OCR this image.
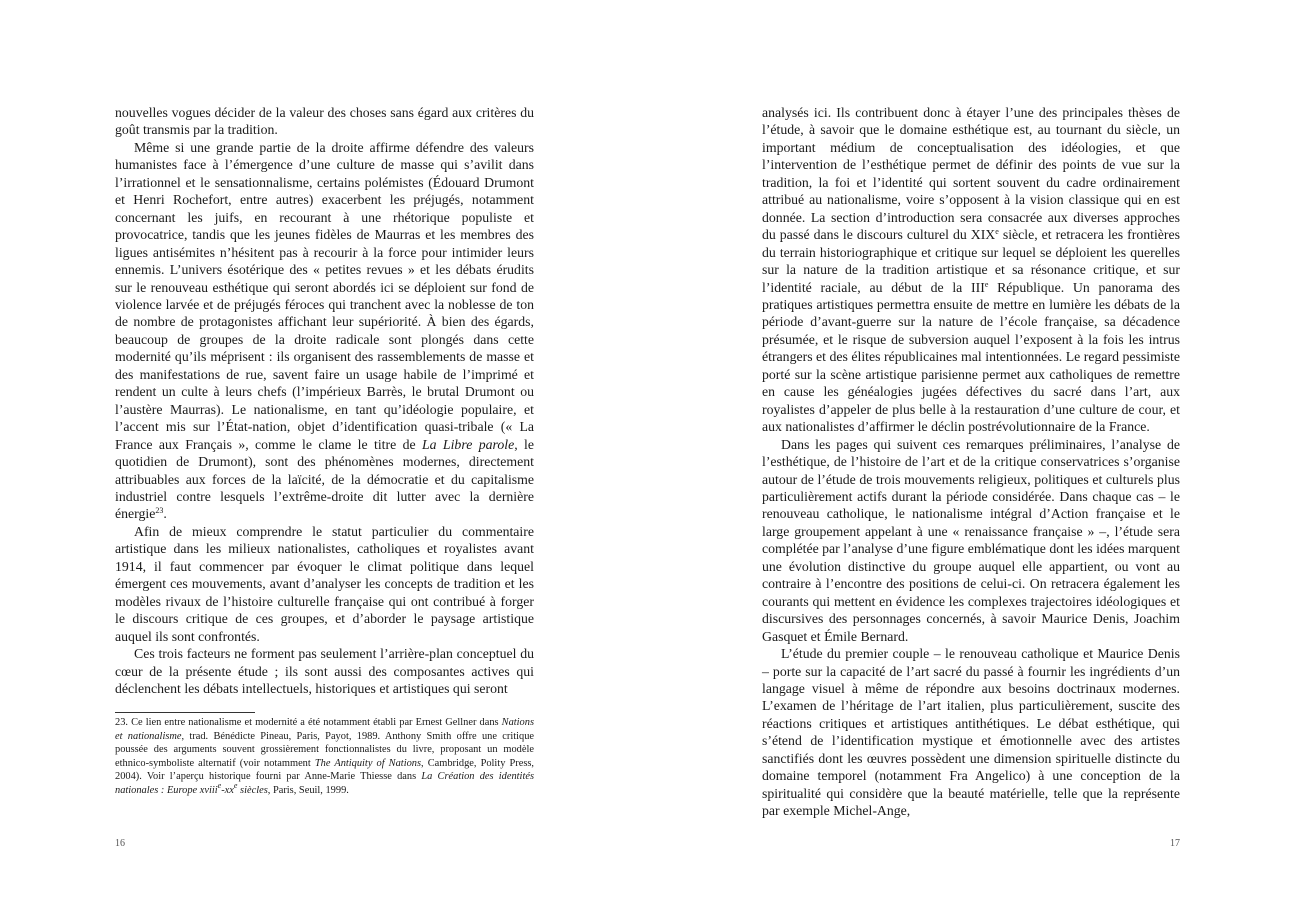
nouvelles vogues décider de la valeur des choses sans égard aux critères du goût transmis par la tradition.

Même si une grande partie de la droite affirme défendre des valeurs humanistes face à l’émergence d’une culture de masse qui s’avilit dans l’irrationnel et le sensationnalisme, certains polémistes (Édouard Drumont et Henri Rochefort, entre autres) exacerbent les préjugés, notamment concernant les juifs, en recourant à une rhétorique populiste et provocatrice, tandis que les jeunes fidèles de Maurras et les membres des ligues antisémites n’hésitent pas à recourir à la force pour intimider leurs ennemis. L’univers ésotérique des « petites revues » et les débats érudits sur le renouveau esthétique qui seront abordés ici se déploient sur fond de violence larvée et de préjugés féroces qui tranchent avec la noblesse de ton de nombre de protagonistes affichant leur supériorité. À bien des égards, beaucoup de groupes de la droite radicale sont plongés dans cette modernité qu’ils méprisent : ils organisent des rassemblements de masse et des manifestations de rue, savent faire un usage habile de l’imprimé et rendent un culte à leurs chefs (l’impérieux Barrès, le brutal Drumont ou l’austère Maurras). Le nationalisme, en tant qu’idéologie populaire, et l’accent mis sur l’État-nation, objet d’identification quasi-tribale (« La France aux Français », comme le clame le titre de La Libre parole, le quotidien de Drumont), sont des phénomènes modernes, directement attribuables aux forces de la laïcité, de la démocratie et du capitalisme industriel contre lesquels l’extrême-droite dit lutter avec la dernière énergie$^{23}$.

Afin de mieux comprendre le statut particulier du commentaire artistique dans les milieux nationalistes, catholiques et royalistes avant 1914, il faut commencer par évoquer le climat politique dans lequel émergent ces mouvements, avant d’analyser les concepts de tradition et les modèles rivaux de l’histoire culturelle française qui ont contribué à forger le discours critique de ces groupes, et d’aborder le paysage artistique auquel ils sont confrontés.

Ces trois facteurs ne forment pas seulement l’arrière-plan conceptuel du cœur de la présente étude ; ils sont aussi des composantes actives qui déclenchent les débats intellectuels, historiques et artistiques qui seront

23. Ce lien entre nationalisme et modernité a été notamment établi par Ernest Gellner dans Nations et nationalisme, trad. Bénédicte Pineau, Paris, Payot, 1989. Anthony Smith offre une critique poussée des arguments souvent grossièrement fonctionnalistes du livre, proposant un modèle ethnico-symboliste alternatif (voir notamment The Antiquity of Nations, Cambridge, Polity Press, 2004). Voir l’aperçu historique fourni par Anne-Marie Thiesse dans La Création des identités nationales : Europe $xviii^e-xx^e$ siècles, Paris, Seuil, 1999.

16

analysés ici. Ils contribuent donc à étayer l’une des principales thèses de l’étude, à savoir que le domaine esthétique est, au tournant du siècle, un important médium de conceptualisation des idéologies, et que l’intervention de l’esthétique permet de définir des points de vue sur la tradition, la foi et l’identité qui sortent souvent du cadre ordinairement attribué au nationalisme, voire s’opposent à la vision classique qui en est donnée. La section d’introduction sera consacrée aux diverses approches du passé dans le discours culturel du XIXe siècle, et retracera les frontières du terrain historiographique et critique sur lequel se déploient les querelles sur la nature de la tradition artistique et sa résonance critique, et sur l’identité raciale, au début de la IIIe République. Un panorama des pratiques artistiques permettra ensuite de mettre en lumière les débats de la période d’avant-guerre sur la nature de l’école française, sa décadence présumée, et le risque de subversion auquel l’exposent à la fois les intrus étrangers et des élites républicaines mal intentionnées. Le regard pessimiste porté sur la scène artistique parisienne permet aux catholiques de remettre en cause les généalogies jugées défectives du sacré dans l’art, aux royalistes d’appeler de plus belle à la restauration d’une culture de cour, et aux nationalistes d’affirmer le déclin postrévolutionnaire de la France.

Dans les pages qui suivent ces remarques préliminaires, l’analyse de l’esthétique, de l’histoire de l’art et de la critique conservatrices s’organise autour de l’étude de trois mouvements religieux, politiques et culturels plus particulièrement actifs durant la période considérée. Dans chaque cas – le renouveau catholique, le nationalisme intégral d’Action française et le large groupement appelant à une « renaissance française » –, l’étude sera complétée par l’analyse d’une figure emblématique dont les idées marquent une évolution distinctive du groupe auquel elle appartient, ou vont au contraire à l’encontre des positions de celui-ci. On retracera également les courants qui mettent en évidence les complexes trajectoires idéologiques et discursives des personnages concernés, à savoir Maurice Denis, Joachim Gasquet et Émile Bernard.

L’étude du premier couple – le renouveau catholique et Maurice Denis – porte sur la capacité de l’art sacré du passé à fournir les ingrédients d’un langage visuel à même de répondre aux besoins doctrinaux modernes. L’examen de l’héritage de l’art italien, plus particulièrement, suscite des réactions critiques et artistiques antithétiques. Le débat esthétique, qui s’étend de l’identification mystique et émotionnelle avec des artistes sanctifiés dont les œuvres possèdent une dimension spirituelle distincte du domaine temporel (notamment Fra Angelico) à une conception de la spiritualité qui considère que la beauté matérielle, telle que la représente par exemple Michel-Ange,

17
